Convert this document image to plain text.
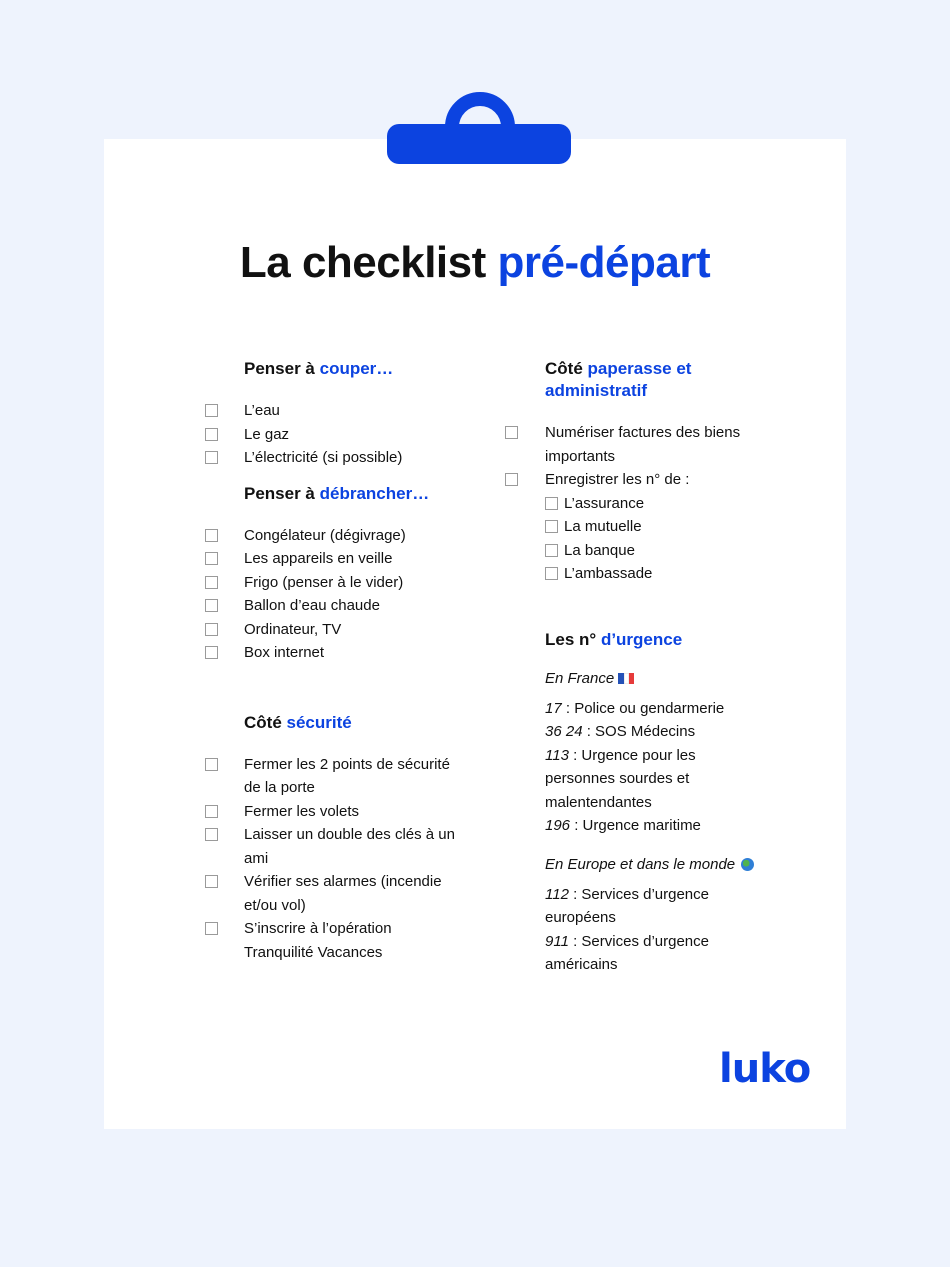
La checklist pré-départ
Penser à couper…
L’eau
Le gaz
L’électricité (si possible)
Penser à débrancher…
Congélateur (dégivrage)
Les appareils en veille
Frigo (penser à le vider)
Ballon d’eau chaude
Ordinateur, TV
Box internet
Côté sécurité
Fermer les 2 points de sécurité de la porte
Fermer les volets
Laisser un double des clés à un ami
Vérifier ses alarmes (incendie et/ou vol)
S’inscrire à l’opération Tranquilité Vacances
Côté paperasse et administratif
Numériser factures des biens importants
Enregistrer les n° de :
L’assurance
La mutuelle
La banque
L’ambassade
Les n° d’urgence

En France

17 : Police ou gendarmerie

36 24 : SOS Médecins

113 : Urgence pour les personnes sourdes et malentendantes

196 : Urgence maritime

En Europe et dans le monde

112 : Services d’urgence européens

911 : Services d’urgence américains

luko
